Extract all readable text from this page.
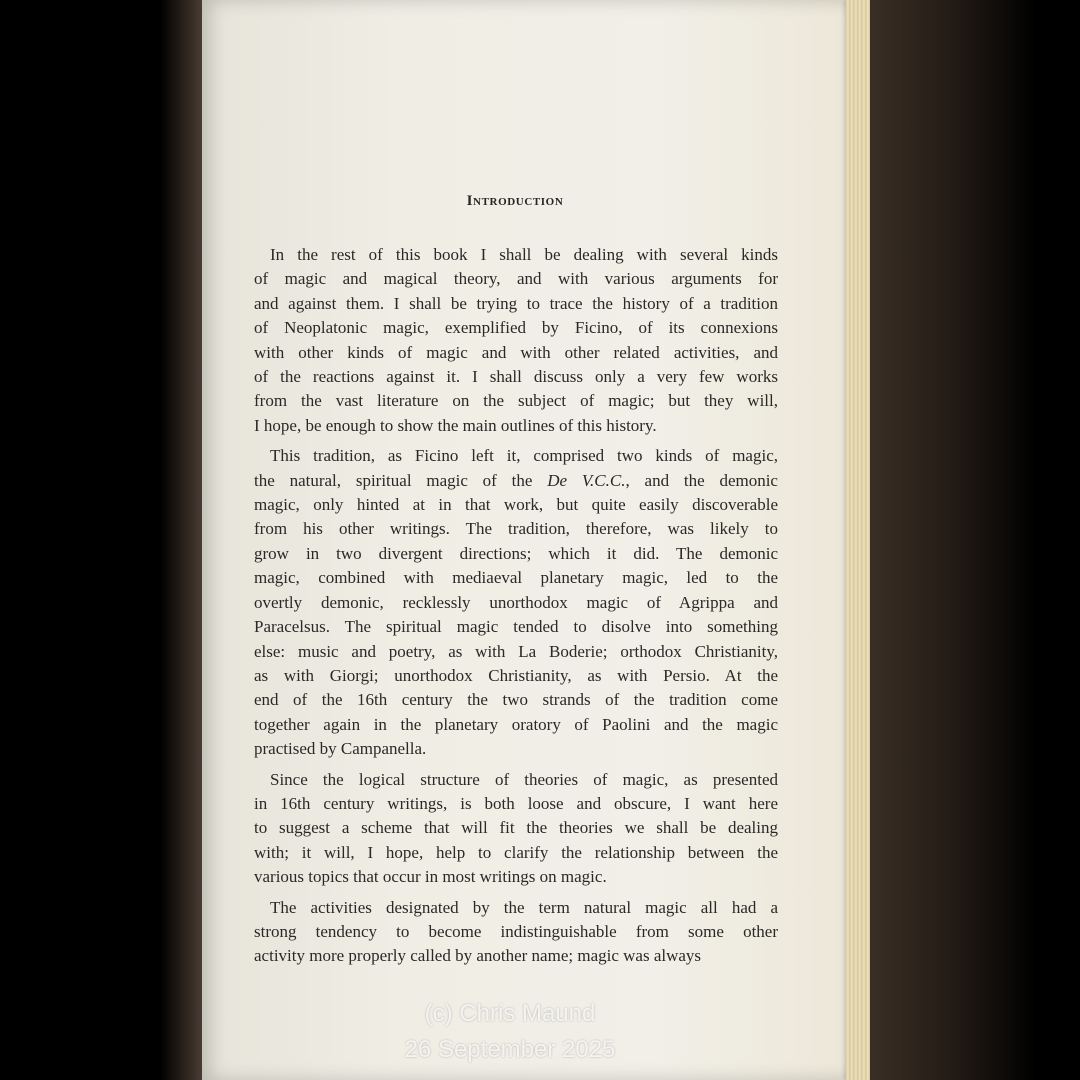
Introduction
In the rest of this book I shall be dealing with several kinds
of magic and magical theory, and with various arguments for
and against them. I shall be trying to trace the history of a tradition
of Neoplatonic magic, exemplified by Ficino, of its connexions
with other kinds of magic and with other related activities, and
of the reactions against it. I shall discuss only a very few works
from the vast literature on the subject of magic; but they will,
I hope, be enough to show the main outlines of this history.
This tradition, as Ficino left it, comprised two kinds of magic,
the natural, spiritual magic of the De V.C.C., and the demonic
magic, only hinted at in that work, but quite easily discoverable
from his other writings. The tradition, therefore, was likely to
grow in two divergent directions; which it did. The demonic
magic, combined with mediaeval planetary magic, led to the
overtly demonic, recklessly unorthodox magic of Agrippa and
Paracelsus. The spiritual magic tended to disolve into something
else: music and poetry, as with La Boderie; orthodox Christianity,
as with Giorgi; unorthodox Christianity, as with Persio. At the
end of the 16th century the two strands of the tradition come
together again in the planetary oratory of Paolini and the magic
practised by Campanella.
Since the logical structure of theories of magic, as presented
in 16th century writings, is both loose and obscure, I want here
to suggest a scheme that will fit the theories we shall be dealing
with; it will, I hope, help to clarify the relationship between the
various topics that occur in most writings on magic.
The activities designated by the term natural magic all had a
strong tendency to become indistinguishable from some other
activity more properly called by another name; magic was always
(c) Chris Maund
26 September 2025
